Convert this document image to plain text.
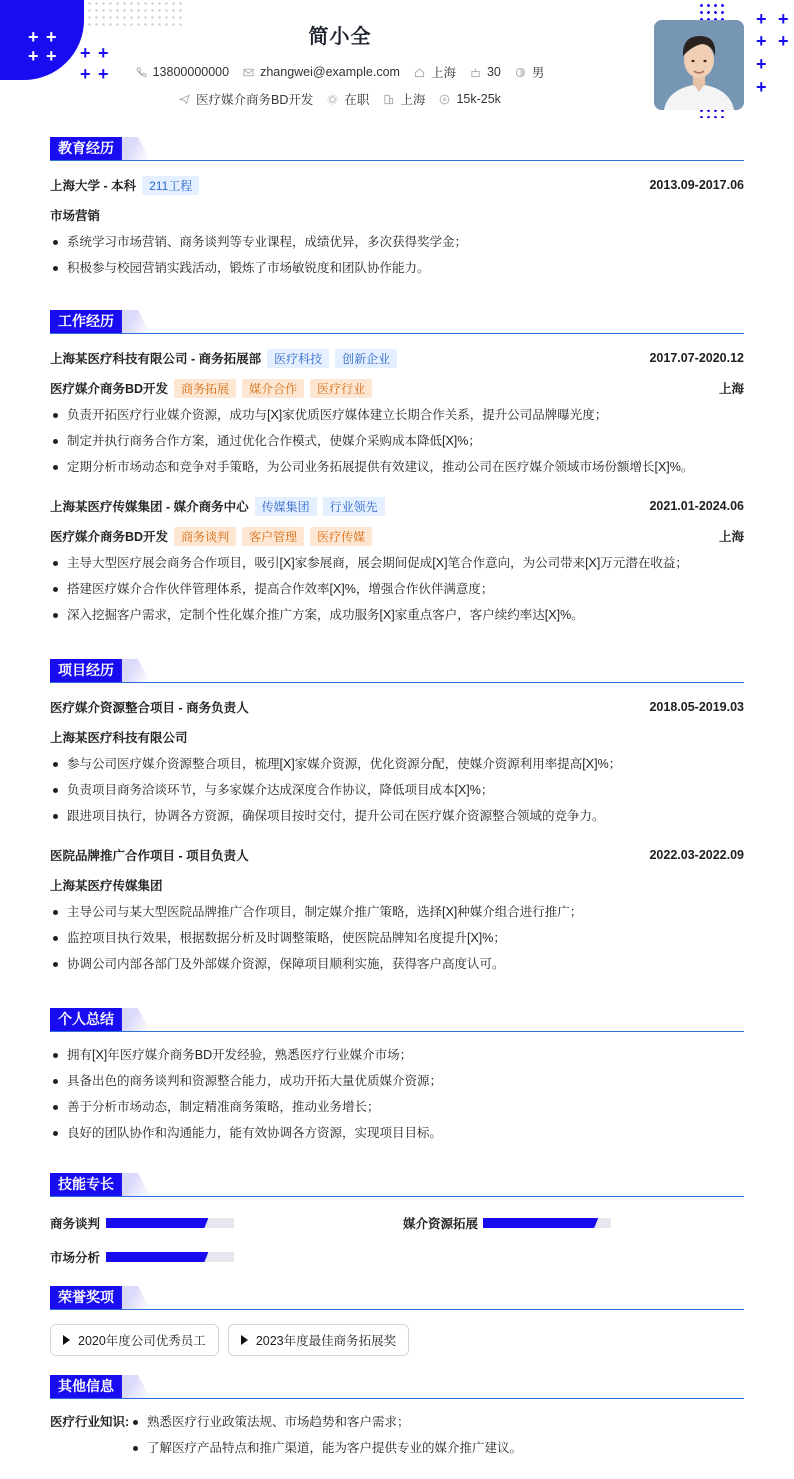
+ +
+ + + +
+ +
+ +
+ +
+
+
简小全
13800000000 zhangwei@example.com 上海 30 男
医疗媒介商务BD开发 在职 上海 15k-25k
教育经历
上海大学 - 本科	211工程	2013.09-2017.06
市场营销
系统学习市场营销、商务谈判等专业课程，成绩优异，多次获得奖学金；
积极参与校园营销实践活动，锻炼了市场敏锐度和团队协作能力。
工作经历
上海某医疗科技有限公司 - 商务拓展部	医疗科技	创新企业	2017.07-2020.12
医疗媒介商务BD开发	商务拓展	媒介合作	医疗行业	上海
负责开拓医疗行业媒介资源，成功与[X]家优质医疗媒体建立长期合作关系，提升公司品牌曝光度；
制定并执行商务合作方案，通过优化合作模式，使媒介采购成本降低[X]%；
定期分析市场动态和竞争对手策略，为公司业务拓展提供有效建议，推动公司在医疗媒介领域市场份额增长[X]%。
上海某医疗传媒集团 - 媒介商务中心	传媒集团	行业领先	2021.01-2024.06
医疗媒介商务BD开发	商务谈判	客户管理	医疗传媒	上海
主导大型医疗展会商务合作项目，吸引[X]家参展商，展会期间促成[X]笔合作意向，为公司带来[X]万元潜在收益；
搭建医疗媒介合作伙伴管理体系，提高合作效率[X]%，增强合作伙伴满意度；
深入挖掘客户需求，定制个性化媒介推广方案，成功服务[X]家重点客户，客户续约率达[X]%。
项目经历
医疗媒介资源整合项目 - 商务负责人	2018.05-2019.03
上海某医疗科技有限公司
参与公司医疗媒介资源整合项目，梳理[X]家媒介资源，优化资源分配，使媒介资源利用率提高[X]%；
负责项目商务洽谈环节，与多家媒介达成深度合作协议，降低项目成本[X]%；
跟进项目执行，协调各方资源，确保项目按时交付，提升公司在医疗媒介资源整合领域的竞争力。
医院品牌推广合作项目 - 项目负责人	2022.03-2022.09
上海某医疗传媒集团
主导公司与某大型医院品牌推广合作项目，制定媒介推广策略，选择[X]种媒介组合进行推广；
监控项目执行效果，根据数据分析及时调整策略，使医院品牌知名度提升[X]%；
协调公司内部各部门及外部媒介资源，保障项目顺利实施，获得客户高度认可。
个人总结
拥有[X]年医疗媒介商务BD开发经验，熟悉医疗行业媒介市场；
具备出色的商务谈判和资源整合能力，成功开拓大量优质媒介资源；
善于分析市场动态，制定精准商务策略，推动业务增长；
良好的团队协作和沟通能力，能有效协调各方资源，实现项目目标。
技能专长
商务谈判	媒介资源拓展
市场分析
荣誉奖项
2020年度公司优秀员工	2023年度最佳商务拓展奖
其他信息
医疗行业知识:	熟悉医疗行业政策法规、市场趋势和客户需求；
了解医疗产品特点和推广渠道，能为客户提供专业的媒介推广建议。
